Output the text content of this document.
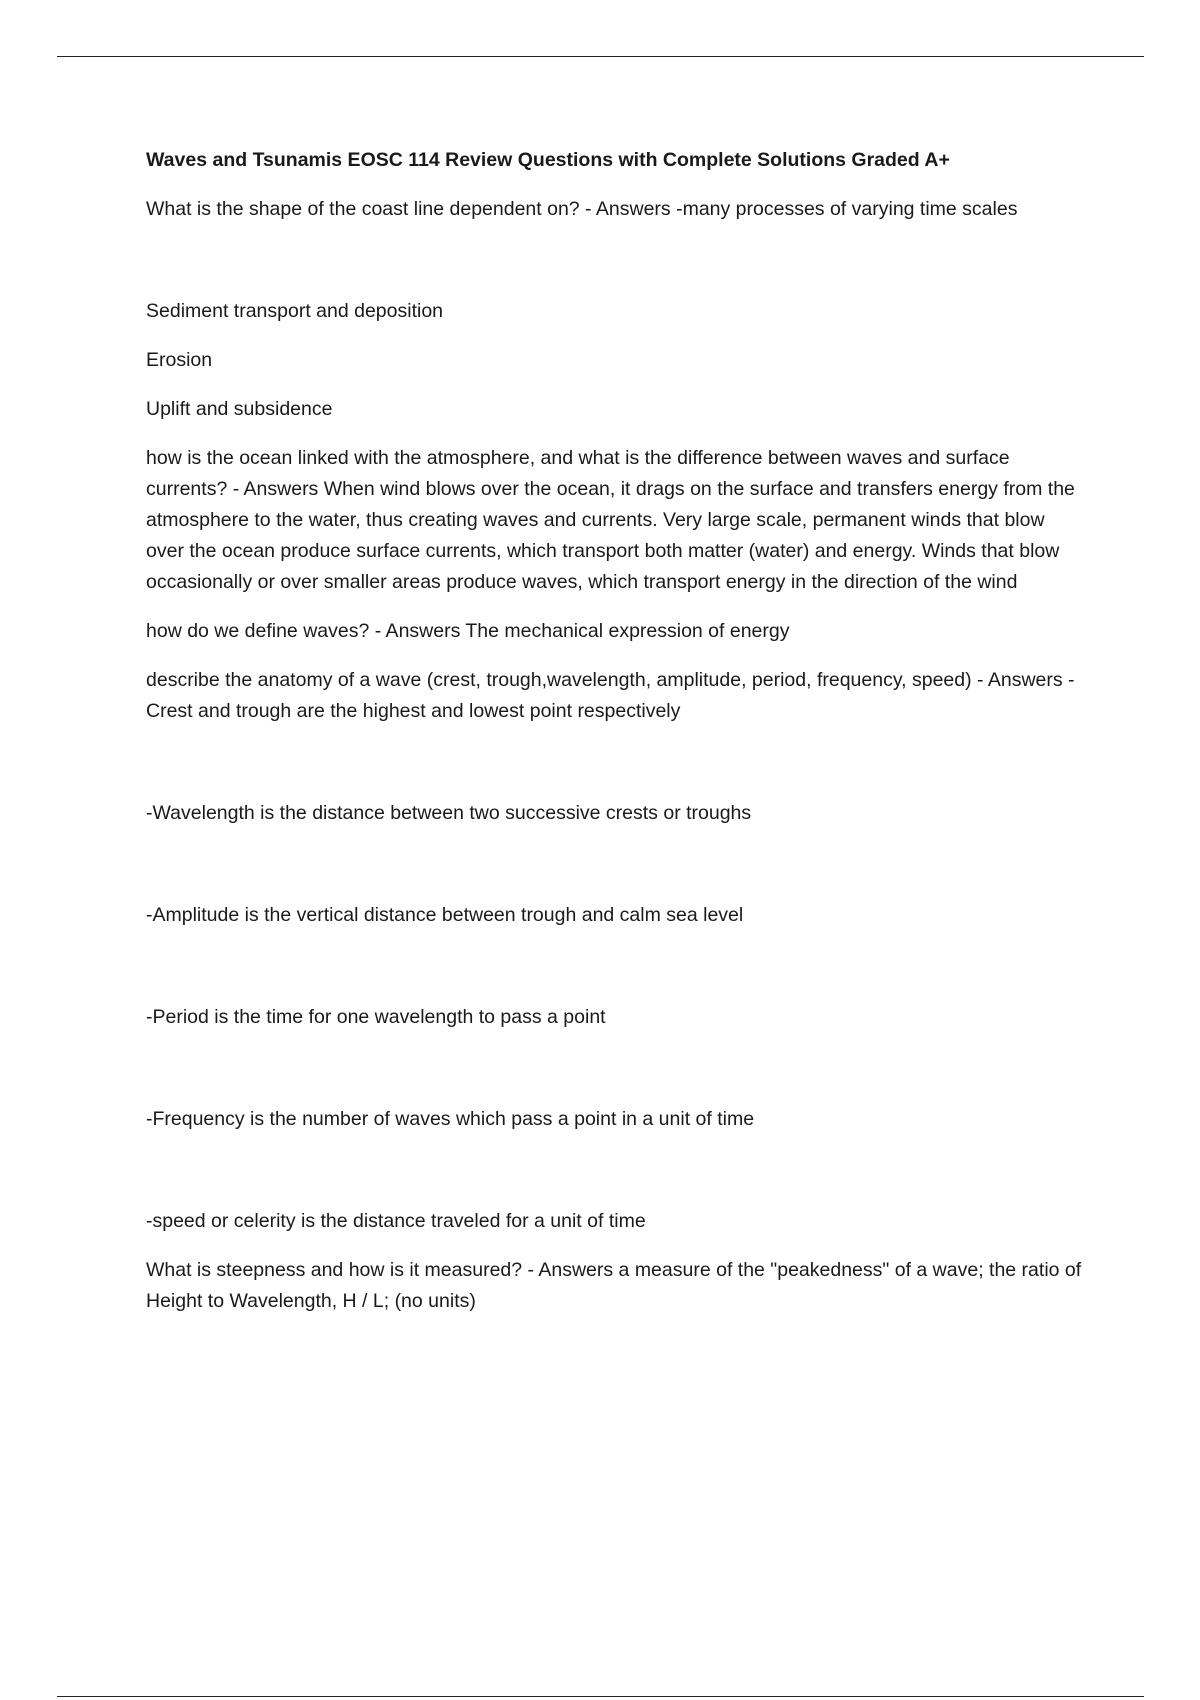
Waves and Tsunamis EOSC 114 Review Questions with Complete Solutions Graded A+
What is the shape of the coast line dependent on? - Answers -many processes of varying time scales
Sediment transport and deposition
Erosion
Uplift and subsidence
how is the ocean linked with the atmosphere, and what is the difference between waves and surface currents? - Answers When wind blows over the ocean, it drags on the surface and transfers energy from the atmosphere to the water, thus creating waves and currents. Very large scale, permanent winds that blow over the ocean produce surface currents, which transport both matter (water) and energy. Winds that blow occasionally or over smaller areas produce waves, which transport energy in the direction of the wind
how do we define waves? - Answers The mechanical expression of energy
describe the anatomy of a wave (crest, trough,wavelength, amplitude, period, frequency, speed) - Answers -Crest and trough are the highest and lowest point respectively
-Wavelength is the distance between two successive crests or troughs
-Amplitude is the vertical distance between trough and calm sea level
-Period is the time for one wavelength to pass a point
-Frequency is the number of waves which pass a point in a unit of time
-speed or celerity is the distance traveled for a unit of time
What is steepness and how is it measured? - Answers a measure of the "peakedness" of a wave; the ratio of Height to Wavelength, H / L; (no units)
